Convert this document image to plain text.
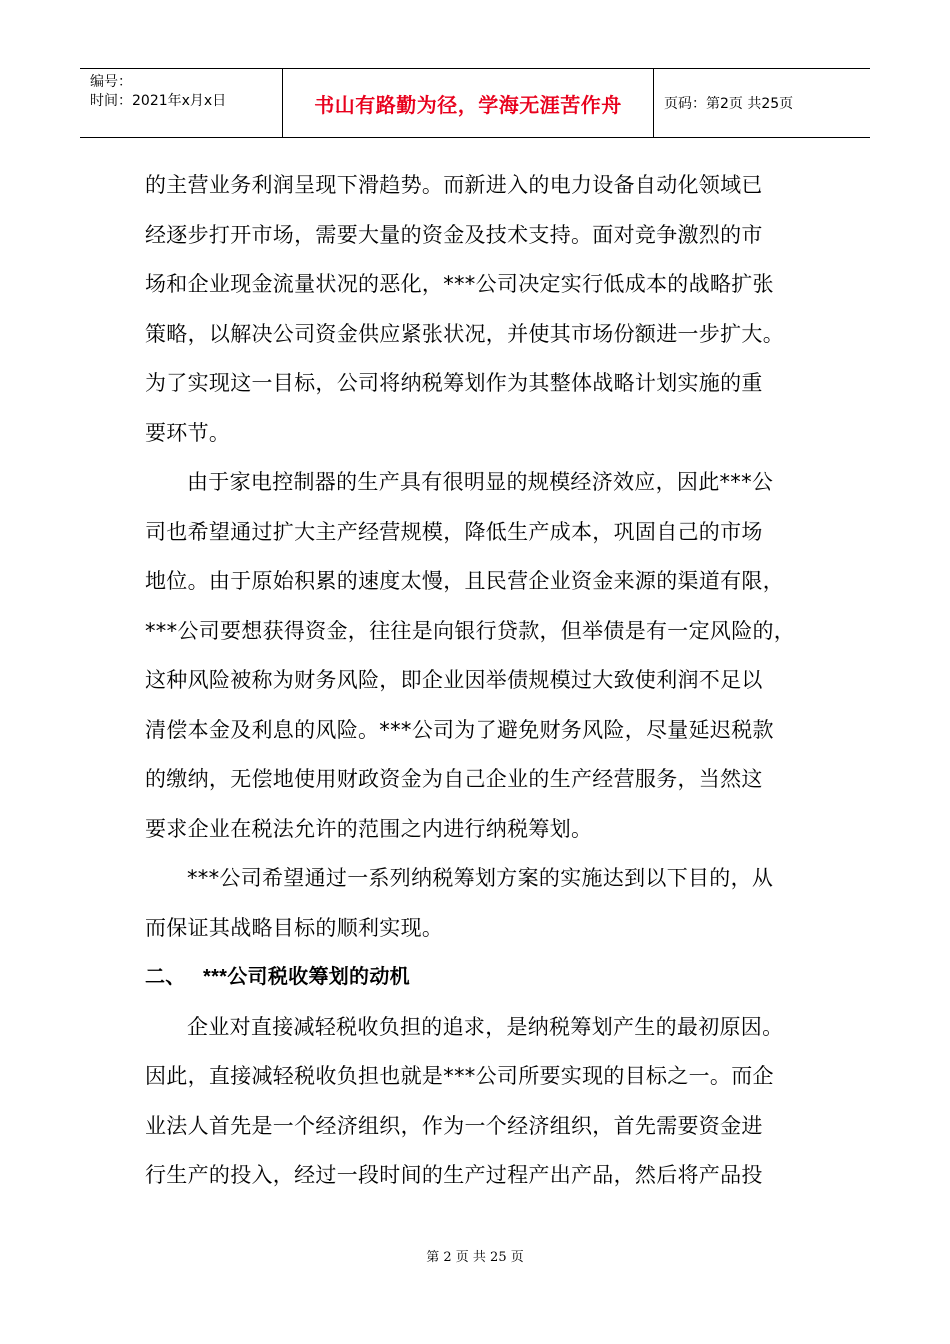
编号：
时间：2021年x月x日	书山有路勤为径，学海无涯苦作舟	页码：第2页 共25页
的主营业务利润呈现下滑趋势。而新进入的电力设备自动化领域已
经逐步打开市场，需要大量的资金及技术支持。面对竞争激烈的市
场和企业现金流量状况的恶化，***公司决定实行低成本的战略扩张
策略，以解决公司资金供应紧张状况，并使其市场份额进一步扩大。
为了实现这一目标，公司将纳税筹划作为其整体战略计划实施的重
要环节。
由于家电控制器的生产具有很明显的规模经济效应，因此***公
司也希望通过扩大主产经营规模，降低生产成本，巩固自己的市场
地位。由于原始积累的速度太慢，且民营企业资金来源的渠道有限，
***公司要想获得资金，往往是向银行贷款，但举债是有一定风险的，
这种风险被称为财务风险，即企业因举债规模过大致使利润不足以
清偿本金及利息的风险。***公司为了避免财务风险，尽量延迟税款
的缴纳，无偿地使用财政资金为自己企业的生产经营服务，当然这
要求企业在税法允许的范围之内进行纳税筹划。
***公司希望通过一系列纳税筹划方案的实施达到以下目的，从
而保证其战略目标的顺利实现。
二、 ***公司税收筹划的动机
企业对直接减轻税收负担的追求，是纳税筹划产生的最初原因。
因此，直接减轻税收负担也就是***公司所要实现的目标之一。而企
业法人首先是一个经济组织，作为一个经济组织，首先需要资金进
行生产的投入，经过一段时间的生产过程产出产品，然后将产品投
第 2 页 共 25 页
